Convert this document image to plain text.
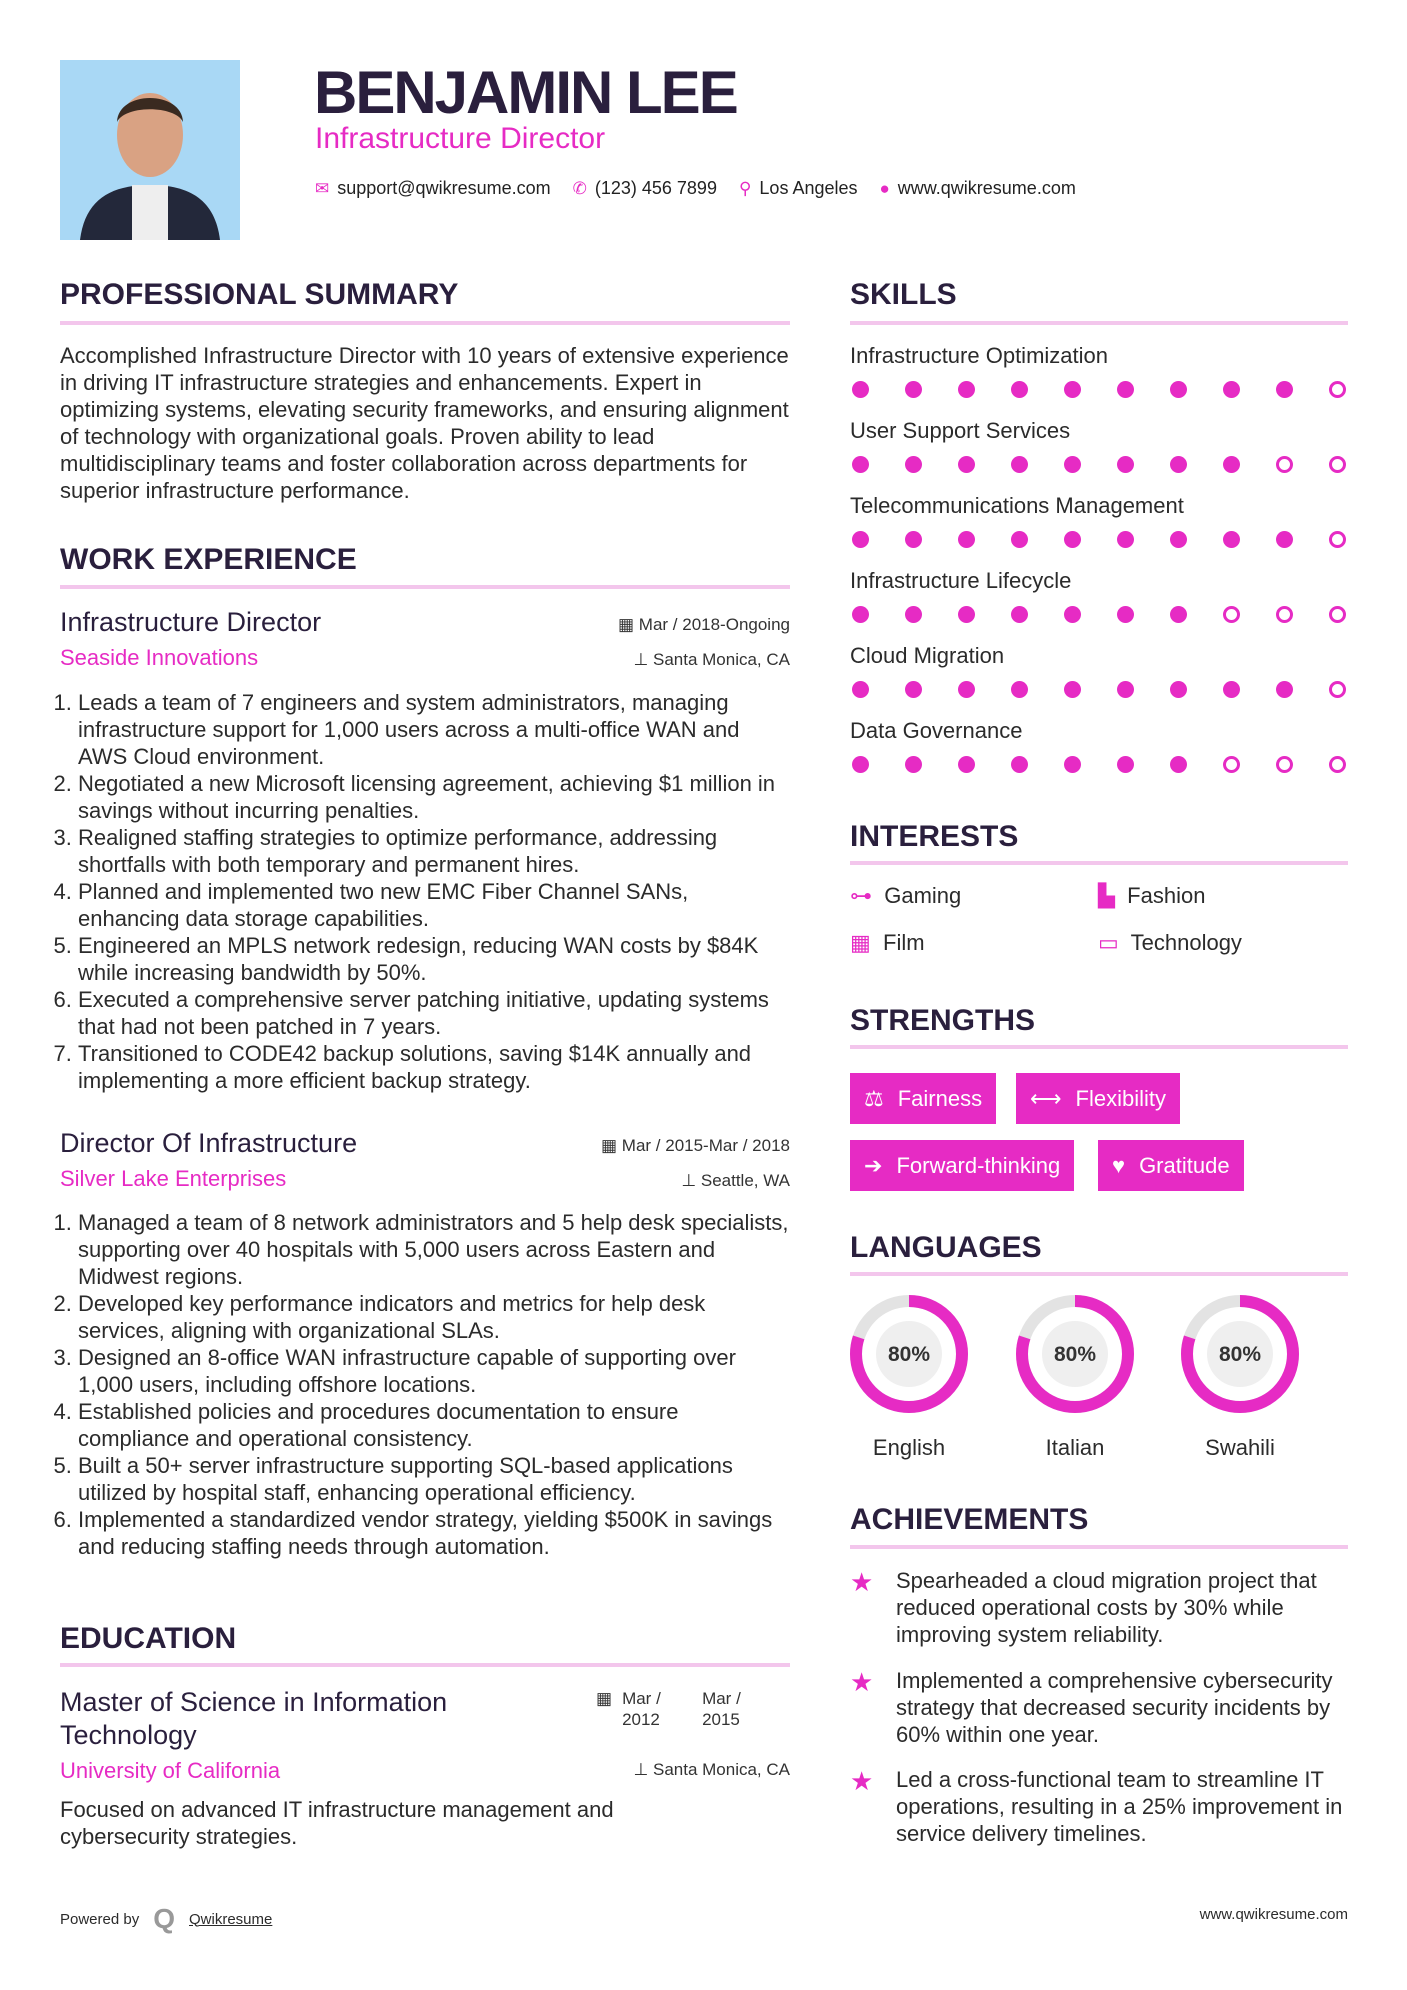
BENJAMIN LEE
Infrastructure Director
✉ support@qwikresume.com ✆ (123) 456 7899 ⚲ Los Angeles ● www.qwikresume.com
PROFESSIONAL SUMMARY
Accomplished Infrastructure Director with 10 years of extensive experience in driving IT infrastructure strategies and enhancements. Expert in optimizing systems, elevating security frameworks, and ensuring alignment of technology with organizational goals. Proven ability to lead multidisciplinary teams and foster collaboration across departments for superior infrastructure performance.
WORK EXPERIENCE
Infrastructure Director	▦ Mar / 2018-Ongoing
Seaside Innovations	⊥ Santa Monica, CA
1. Leads a team of 7 engineers and system administrators, managing infrastructure support for 1,000 users across a multi-office WAN and AWS Cloud environment.
2. Negotiated a new Microsoft licensing agreement, achieving $1 million in savings without incurring penalties.
3. Realigned staffing strategies to optimize performance, addressing shortfalls with both temporary and permanent hires.
4. Planned and implemented two new EMC Fiber Channel SANs, enhancing data storage capabilities.
5. Engineered an MPLS network redesign, reducing WAN costs by $84K while increasing bandwidth by 50%.
6. Executed a comprehensive server patching initiative, updating systems that had not been patched in 7 years.
7. Transitioned to CODE42 backup solutions, saving $14K annually and implementing a more efficient backup strategy.
Director Of Infrastructure	▦ Mar / 2015-Mar / 2018
Silver Lake Enterprises	⊥ Seattle, WA
1. Managed a team of 8 network administrators and 5 help desk specialists, supporting over 40 hospitals with 5,000 users across Eastern and Midwest regions.
2. Developed key performance indicators and metrics for help desk services, aligning with organizational SLAs.
3. Designed an 8-office WAN infrastructure capable of supporting over 1,000 users, including offshore locations.
4. Established policies and procedures documentation to ensure compliance and operational consistency.
5. Built a 50+ server infrastructure supporting SQL-based applications utilized by hospital staff, enhancing operational efficiency.
6. Implemented a standardized vendor strategy, yielding $500K in savings and reducing staffing needs through automation.
EDUCATION
Master of Science in Information Technology
▦ Mar / 2012
Mar / 2015
University of California	⊥ Santa Monica, CA
Focused on advanced IT infrastructure management and cybersecurity strategies.
Powered by Q Qwikresume	www.qwikresume.com
SKILLS
Infrastructure Optimization
User Support Services
Telecommunications Management
Infrastructure Lifecycle
Cloud Migration
Data Governance
INTERESTS
⊶ Gaming	▙ Fashion
▦ Film	▭ Technology
STRENGTHS
⚖ Fairness ⟷ Flexibility
➔ Forward-thinking ♥ Gratitude
LANGUAGES
80%
English
80%
Italian
80%
Swahili
ACHIEVEMENTS
★	Spearheaded a cloud migration project that reduced operational costs by 30% while improving system reliability.
★	Implemented a comprehensive cybersecurity strategy that decreased security incidents by 60% within one year.
★	Led a cross-functional team to streamline IT operations, resulting in a 25% improvement in service delivery timelines.
